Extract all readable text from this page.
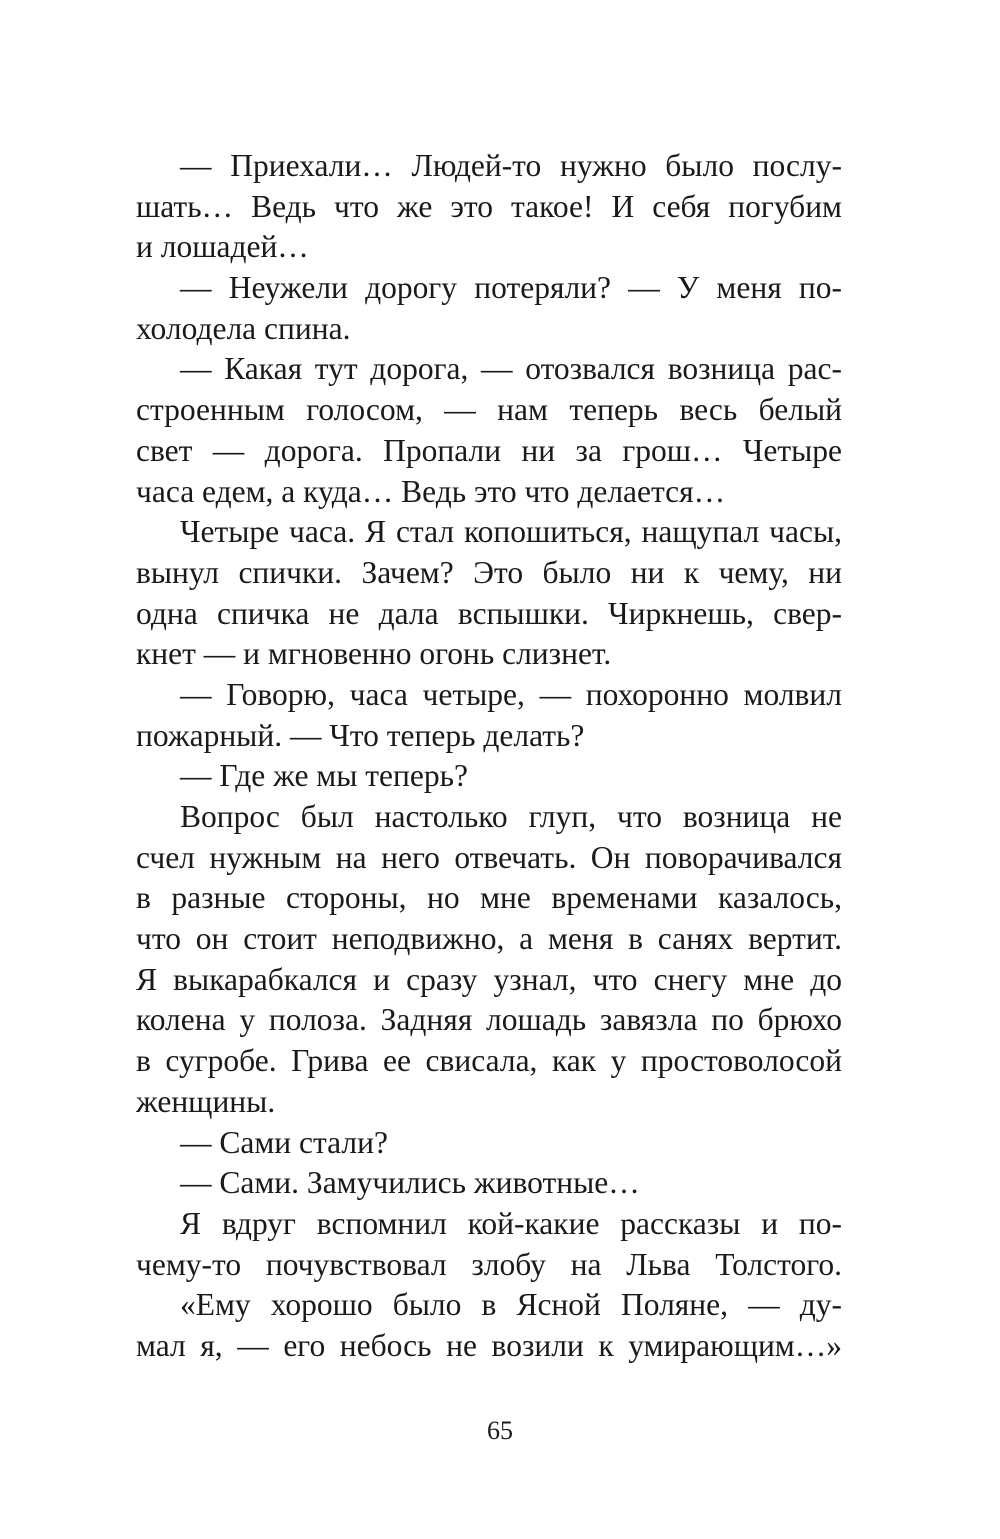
— Приехали… Людей-то нужно было послу-
шать… Ведь что же это такое! И себя погубим
и лошадей…
— Неужели дорогу потеряли? — У меня по-
холодела спина.
— Какая тут дорога, — отозвался возница рас-
строенным голосом, — нам теперь весь белый
свет — дорога. Пропали ни за грош… Четыре
часа едем, а куда… Ведь это что делается…
Четыре часа. Я стал копошиться, нащупал часы,
вынул спички. Зачем? Это было ни к чему, ни
одна спичка не дала вспышки. Чиркнешь, свер-
кнет — и мгновенно огонь слизнет.
— Говорю, часа четыре, — похоронно молвил
пожарный. — Что теперь делать?
— Где же мы теперь?
Вопрос был настолько глуп, что возница не
счел нужным на него отвечать. Он поворачивался
в разные стороны, но мне временами казалось,
что он стоит неподвижно, а меня в санях вертит.
Я выкарабкался и сразу узнал, что снегу мне до
колена у полоза. Задняя лошадь завязла по брюхо
в сугробе. Грива ее свисала, как у простоволосой
женщины.
— Сами стали?
— Сами. Замучились животные…
Я вдруг вспомнил кой-какие рассказы и по-
чему-то почувствовал злобу на Льва Толстого.
«Ему хорошо было в Ясной Поляне, — ду-
мал я, — его небось не возили к умирающим…»
65
